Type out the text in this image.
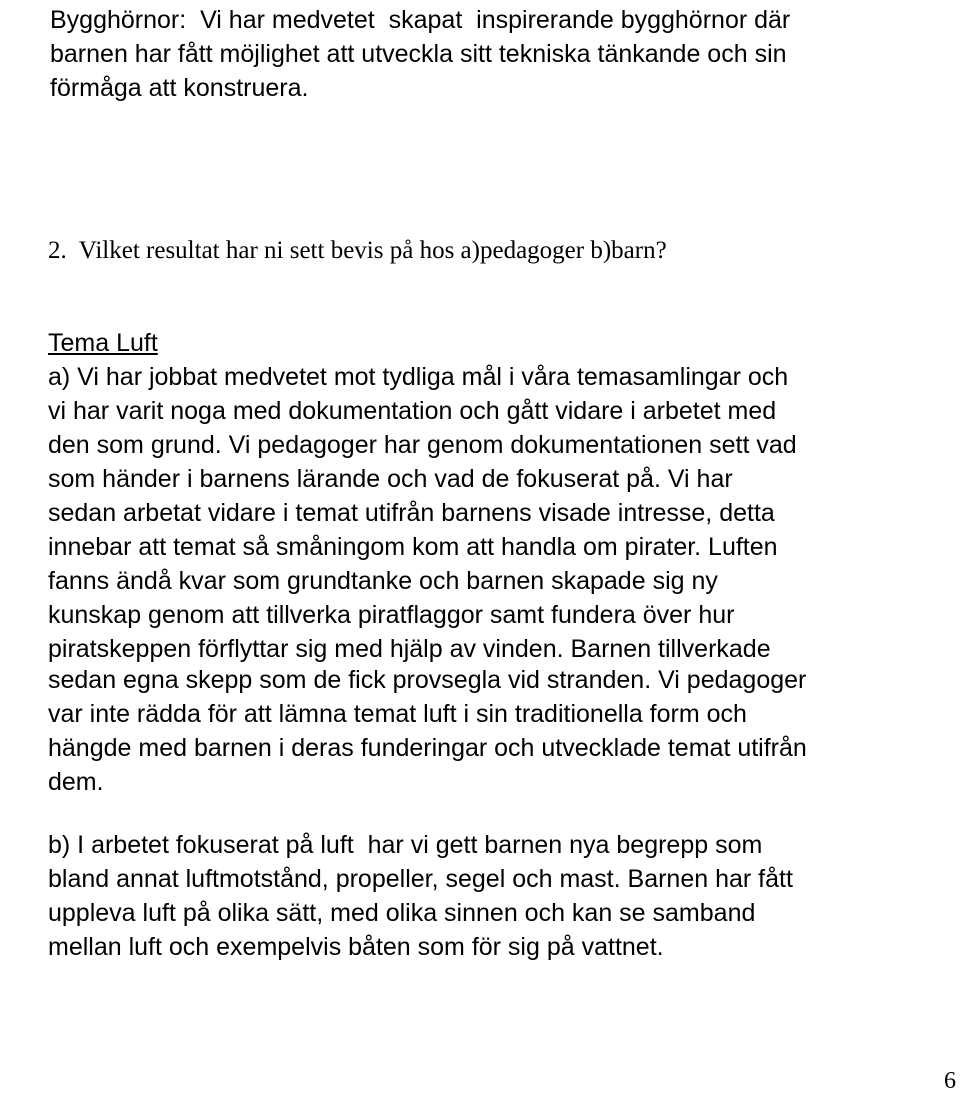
Bygghörnor:  Vi har medvetet  skapat  inspirerande bygghörnor där
barnen har fått möjlighet att utveckla sitt tekniska tänkande och sin
förmåga att konstruera.
2.  Vilket resultat har ni sett bevis på hos a)pedagoger b)barn?
Tema Luft
a) Vi har jobbat medvetet mot tydliga mål i våra temasamlingar och
vi har varit noga med dokumentation och gått vidare i arbetet med
den som grund. Vi pedagoger har genom dokumentationen sett vad
som händer i barnens lärande och vad de fokuserat på. Vi har
sedan arbetat vidare i temat utifrån barnens visade intresse, detta
innebar att temat så småningom kom att handla om pirater. Luften
fanns ändå kvar som grundtanke och barnen skapade sig ny
kunskap genom att tillverka piratflaggor samt fundera över hur
piratskeppen förflyttar sig med hjälp av vinden. Barnen tillverkade
sedan egna skepp som de fick provsegla vid stranden. Vi pedagoger
var inte rädda för att lämna temat luft i sin traditionella form och
hängde med barnen i deras funderingar och utvecklade temat utifrån
dem.
b) I arbetet fokuserat på luft  har vi gett barnen nya begrepp som
bland annat luftmotstånd, propeller, segel och mast. Barnen har fått
uppleva luft på olika sätt, med olika sinnen och kan se samband
mellan luft och exempelvis båten som för sig på vattnet.
6
